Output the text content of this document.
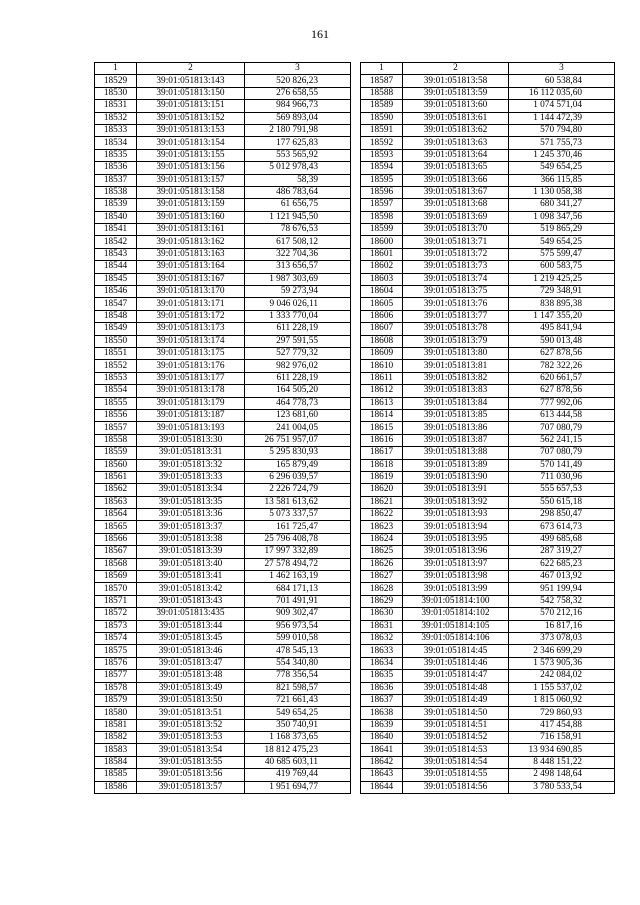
161
1	2	3
18529	39:01:051813:143	520 826,23
18530	39:01:051813:150	276 658,55
18531	39:01:051813:151	984 966,73
18532	39:01:051813:152	569 893,04
18533	39:01:051813:153	2 180 791,98
18534	39:01:051813:154	177 625,83
18535	39:01:051813:155	553 565,92
18536	39:01:051813:156	5 012 978,43
18537	39:01:051813:157	58,39
18538	39:01:051813:158	486 783,64
18539	39:01:051813:159	61 656,75
18540	39:01:051813:160	1 121 945,50
18541	39:01:051813:161	78 676,53
18542	39:01:051813:162	617 508,12
18543	39:01:051813:163	322 704,36
18544	39:01:051813:164	313 656,57
18545	39:01:051813:167	1 987 303,69
18546	39:01:051813:170	59 273,94
18547	39:01:051813:171	9 046 026,11
18548	39:01:051813:172	1 333 770,04
18549	39:01:051813:173	611 228,19
18550	39:01:051813:174	297 591,55
18551	39:01:051813:175	527 779,32
18552	39:01:051813:176	982 976,02
18553	39:01:051813:177	611 228,19
18554	39:01:051813:178	164 505,20
18555	39:01:051813:179	464 778,73
18556	39:01:051813:187	123 681,60
18557	39:01:051813:193	241 004,05
18558	39:01:051813:30	26 751 957,07
18559	39:01:051813:31	5 295 830,93
18560	39:01:051813:32	165 879,49
18561	39:01:051813:33	6 296 039,57
18562	39:01:051813:34	2 226 724,79
18563	39:01:051813:35	13 581 613,62
18564	39:01:051813:36	5 073 337,57
18565	39:01:051813:37	161 725,47
18566	39:01:051813:38	25 796 408,78
18567	39:01:051813:39	17 997 332,89
18568	39:01:051813:40	27 578 494,72
18569	39:01:051813:41	1 462 163,19
18570	39:01:051813:42	684 171,13
18571	39:01:051813:43	701 491,91
18572	39:01:051813:435	909 302,47
18573	39:01:051813:44	956 973,54
18574	39:01:051813:45	599 010,58
18575	39:01:051813:46	478 545,13
18576	39:01:051813:47	554 340,80
18577	39:01:051813:48	778 356,54
18578	39:01:051813:49	821 598,57
18579	39:01:051813:50	721 661,43
18580	39:01:051813:51	549 654,25
18581	39:01:051813:52	350 740,91
18582	39:01:051813:53	1 168 373,65
18583	39:01:051813:54	18 812 475,23
18584	39:01:051813:55	40 685 603,11
18585	39:01:051813:56	419 769,44
18586	39:01:051813:57	1 951 694,77
1	2	3
18587	39:01:051813:58	60 538,84
18588	39:01:051813:59	16 112 035,60
18589	39:01:051813:60	1 074 571,04
18590	39:01:051813:61	1 144 472,39
18591	39:01:051813:62	570 794,80
18592	39:01:051813:63	571 755,73
18593	39:01:051813:64	1 245 370,46
18594	39:01:051813:65	549 654,25
18595	39:01:051813:66	366 115,85
18596	39:01:051813:67	1 130 058,38
18597	39:01:051813:68	680 341,27
18598	39:01:051813:69	1 098 347,56
18599	39:01:051813:70	519 865,29
18600	39:01:051813:71	549 654,25
18601	39:01:051813:72	575 599,47
18602	39:01:051813:73	600 583,75
18603	39:01:051813:74	1 219 425,25
18604	39:01:051813:75	729 348,91
18605	39:01:051813:76	838 895,38
18606	39:01:051813:77	1 147 355,20
18607	39:01:051813:78	495 841,94
18608	39:01:051813:79	590 013,48
18609	39:01:051813:80	627 878,56
18610	39:01:051813:81	782 322,26
18611	39:01:051813:82	620 661,57
18612	39:01:051813:83	627 878,56
18613	39:01:051813:84	777 992,06
18614	39:01:051813:85	613 444,58
18615	39:01:051813:86	707 080,79
18616	39:01:051813:87	562 241,15
18617	39:01:051813:88	707 080,79
18618	39:01:051813:89	570 141,49
18619	39:01:051813:90	711 030,96
18620	39:01:051813:91	555 657,53
18621	39:01:051813:92	550 615,18
18622	39:01:051813:93	298 850,47
18623	39:01:051813:94	673 614,73
18624	39:01:051813:95	499 685,68
18625	39:01:051813:96	287 319,27
18626	39:01:051813:97	622 685,23
18627	39:01:051813:98	467 013,92
18628	39:01:051813:99	951 199,94
18629	39:01:051814:100	542 758,32
18630	39:01:051814:102	570 212,16
18631	39:01:051814:105	16 817,16
18632	39:01:051814:106	373 078,03
18633	39:01:051814:45	2 346 699,29
18634	39:01:051814:46	1 573 905,36
18635	39:01:051814:47	242 084,02
18636	39:01:051814:48	1 155 537,02
18637	39:01:051814:49	1 815 060,92
18638	39:01:051814:50	729 860,93
18639	39:01:051814:51	417 454,88
18640	39:01:051814:52	716 158,91
18641	39:01:051814:53	13 934 690,85
18642	39:01:051814:54	8 448 151,22
18643	39:01:051814:55	2 498 148,64
18644	39:01:051814:56	3 780 533,54
